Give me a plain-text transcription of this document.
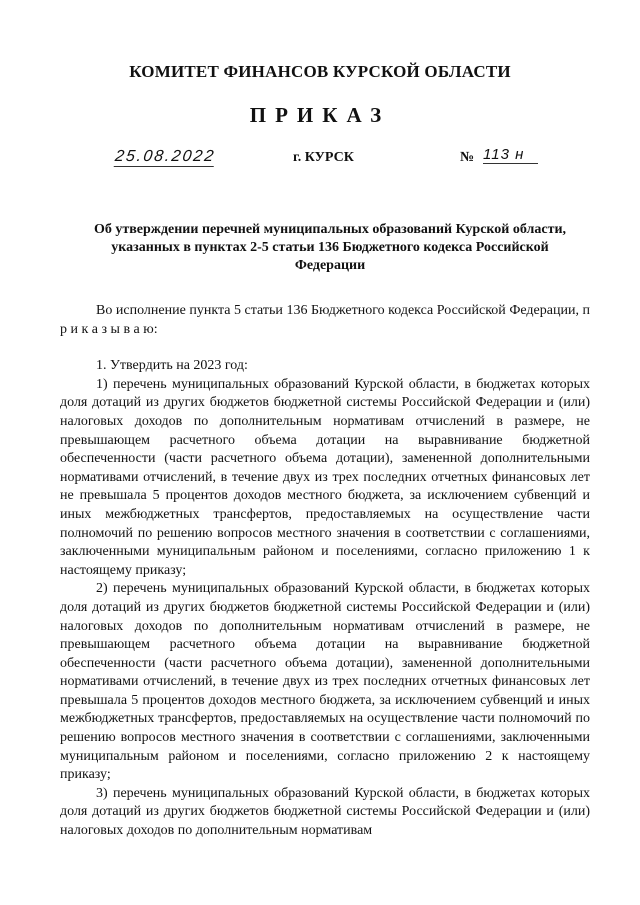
КОМИТЕТ ФИНАНСОВ КУРСКОЙ ОБЛАСТИ
ПРИКАЗ
25.08.2022	г. КУРСК	№ 113 н
Об утверждении перечней муниципальных образований Курской области,
указанных в пунктах 2-5 статьи 136 Бюджетного кодекса Российской
Федерации

Во исполнение пункта 5 статьи 136 Бюджетного кодекса Российской Федерации, п р и к а з ы в а ю:

1. Утвердить на 2023 год:

1) перечень муниципальных образований Курской области, в бюджетах которых доля дотаций из других бюджетов бюджетной системы Российской Федерации и (или) налоговых доходов по дополнительным нормативам отчислений в размере, не превышающем расчетного объема дотации на выравнивание бюджетной обеспеченности (части расчетного объема дотации), замененной дополнительными нормативами отчислений, в течение двух из трех последних отчетных финансовых лет не превышала 5 процентов доходов местного бюджета, за исключением субвенций и иных межбюджетных трансфертов, предоставляемых на осуществление части полномочий по решению вопросов местного значения в соответствии с соглашениями, заключенными муниципальным районом и поселениями, согласно приложению 1 к настоящему приказу;

2) перечень муниципальных образований Курской области, в бюджетах которых доля дотаций из других бюджетов бюджетной системы Российской Федерации и (или) налоговых доходов по дополнительным нормативам отчислений в размере, не превышающем расчетного объема дотации на выравнивание бюджетной обеспеченности (части расчетного объема дотации), замененной дополнительными нормативами отчислений, в течение двух из трех последних отчетных финансовых лет превышала 5 процентов доходов местного бюджета, за исключением субвенций и иных межбюджетных трансфертов, предоставляемых на осуществление части полномочий по решению вопросов местного значения в соответствии с соглашениями, заключенными муниципальным районом и поселениями, согласно приложению 2 к настоящему приказу;

3) перечень муниципальных образований Курской области, в бюджетах которых доля дотаций из других бюджетов бюджетной системы Российской Федерации и (или) налоговых доходов по дополнительным нормативам
